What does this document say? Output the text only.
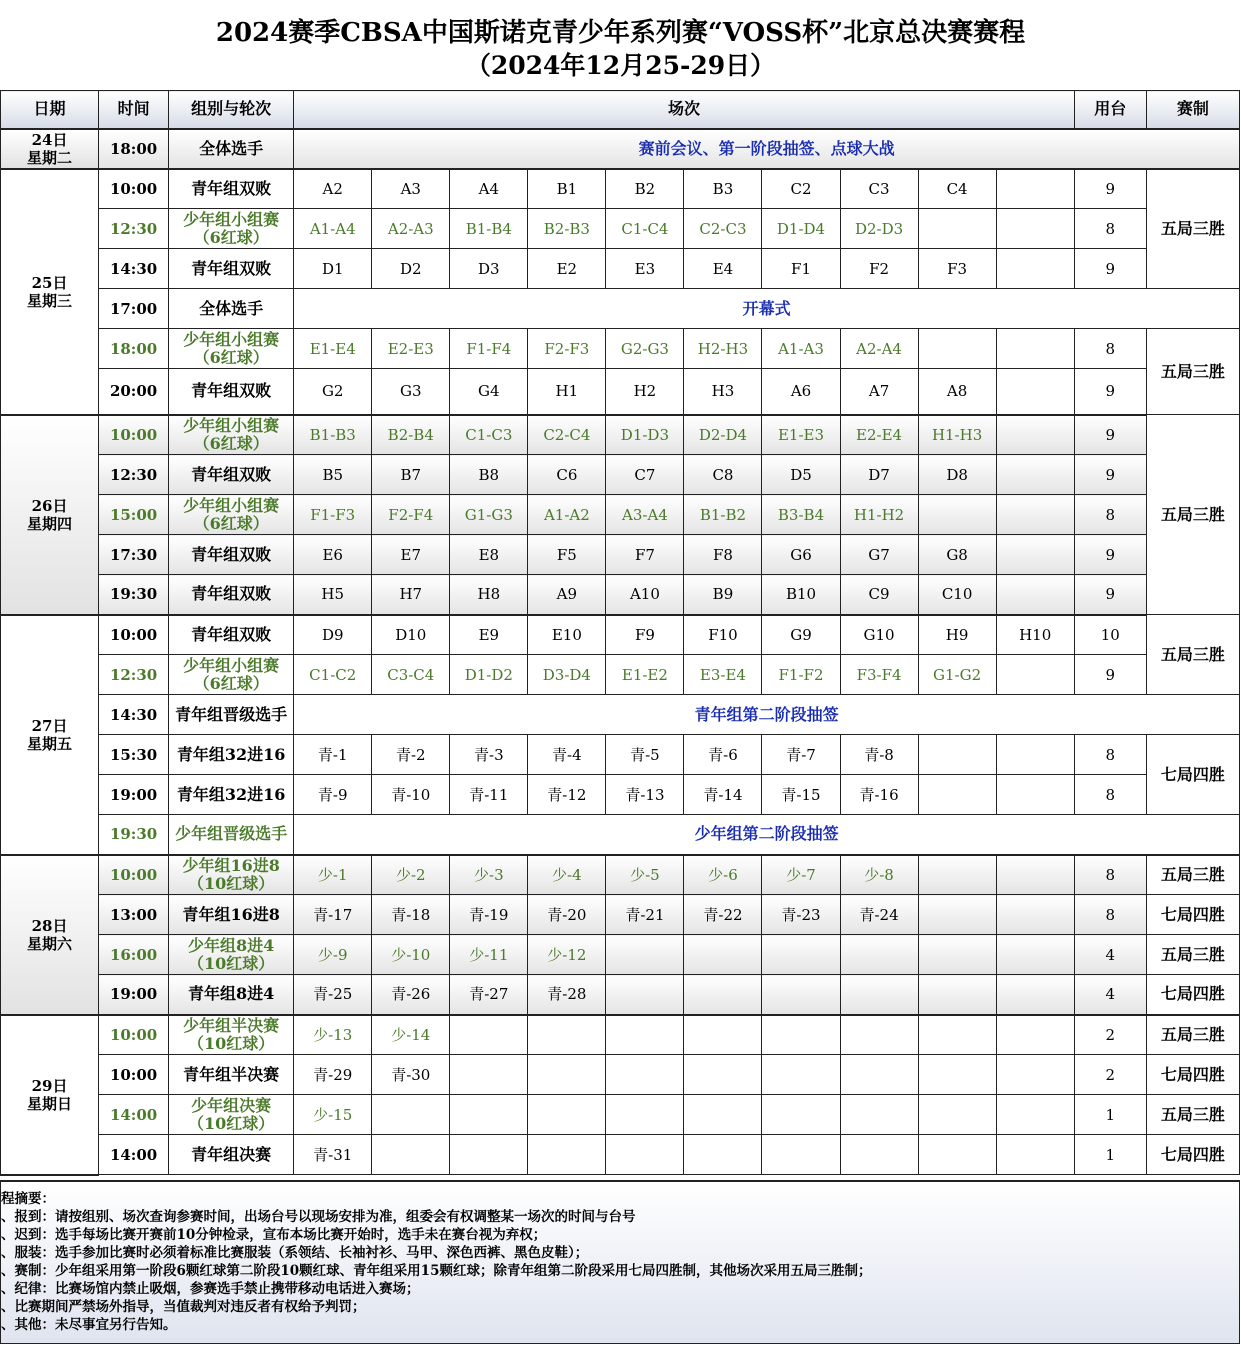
2024赛季CBSA中国斯诺克青少年系列赛“VOSS杯”北京总决赛赛程
（2024年12月25-29日）
日期	时间	组别与轮次	场次										用台	赛制
24日
星期二	18:00	全体选手	赛前会议、第一阶段抽签、点球大战											
25日
星期三	10:00	青年组双败	A2	A3	A4	B1	B2	B3	C2	C3	C4		9	五局三胜
	12:30	少年组小组赛
（6红球）	A1-A4	A2-A3	B1-B4	B2-B3	C1-C4	C2-C3	D1-D4	D2-D3			8	
	14:30	青年组双败	D1	D2	D3	E2	E3	E4	F1	F2	F3		9	
	17:00	全体选手	开幕式											
	18:00	少年组小组赛
（6红球）	E1-E4	E2-E3	F1-F4	F2-F3	G2-G3	H2-H3	A1-A3	A2-A4			8	五局三胜
	20:00	青年组双败	G2	G3	G4	H1	H2	H3	A6	A7	A8		9	
26日
星期四	10:00	少年组小组赛
（6红球）	B1-B3	B2-B4	C1-C3	C2-C4	D1-D3	D2-D4	E1-E3	E2-E4	H1-H3		9	五局三胜
	12:30	青年组双败	B5	B7	B8	C6	C7	C8	D5	D7	D8		9	
	15:00	少年组小组赛
（6红球）	F1-F3	F2-F4	G1-G3	A1-A2	A3-A4	B1-B2	B3-B4	H1-H2			8	
	17:30	青年组双败	E6	E7	E8	F5	F7	F8	G6	G7	G8		9	
	19:30	青年组双败	H5	H7	H8	A9	A10	B9	B10	C9	C10		9	
27日
星期五	10:00	青年组双败	D9	D10	E9	E10	F9	F10	G9	G10	H9	H10	10	五局三胜
	12:30	少年组小组赛
（6红球）	C1-C2	C3-C4	D1-D2	D3-D4	E1-E2	E3-E4	F1-F2	F3-F4	G1-G2		9	
	14:30	青年组晋级选手	青年组第二阶段抽签											
	15:30	青年组32进16	青-1	青-2	青-3	青-4	青-5	青-6	青-7	青-8			8	七局四胜
	19:00	青年组32进16	青-9	青-10	青-11	青-12	青-13	青-14	青-15	青-16			8	
	19:30	少年组晋级选手	少年组第二阶段抽签											
28日
星期六	10:00	少年组16进8
（10红球）	少-1	少-2	少-3	少-4	少-5	少-6	少-7	少-8			8	五局三胜
	13:00	青年组16进8	青-17	青-18	青-19	青-20	青-21	青-22	青-23	青-24			8	七局四胜
	16:00	少年组8进4
（10红球）	少-9	少-10	少-11	少-12							4	五局三胜
	19:00	青年组8进4	青-25	青-26	青-27	青-28							4	七局四胜
29日
星期日	10:00	少年组半决赛
（10红球）	少-13	少-14									2	五局三胜
	10:00	青年组半决赛	青-29	青-30									2	七局四胜
	14:00	少年组决赛
（10红球）	少-15										1	五局三胜
	14:00	青年组决赛	青-31										1	七局四胜
程摘要：
、报到：请按组别、场次查询参赛时间，出场台号以现场安排为准，组委会有权调整某一场次的时间与台号
、迟到：选手每场比赛开赛前10分钟检录，宣布本场比赛开始时，选手未在赛台视为弃权；
、服装：选手参加比赛时必须着标准比赛服装（系领结、长袖衬衫、马甲、深色西裤、黑色皮鞋）；
、赛制：少年组采用第一阶段6颗红球第二阶段10颗红球、青年组采用15颗红球；除青年组第二阶段采用七局四胜制，其他场次采用五局三胜制；
、纪律：比赛场馆内禁止吸烟，参赛选手禁止携带移动电话进入赛场；
、比赛期间严禁场外指导，当值裁判对违反者有权给予判罚；
、其他：未尽事宜另行告知。
